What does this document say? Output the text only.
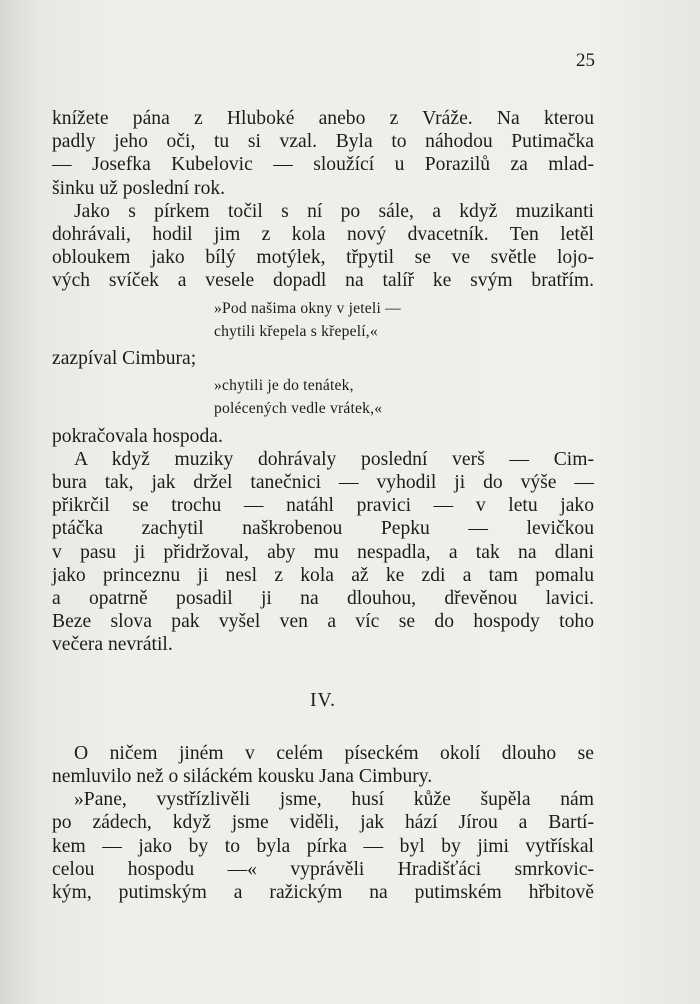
25

knížete pána z Hluboké anebo z Vráže. Na kterou

padly jeho oči, tu si vzal. Byla to náhodou Putimačka

— Josefka Kubelovic — sloužící u Porazilů za mlad-

šinku už poslední rok.

Jako s pírkem točil s ní po sále, a když muzikanti

dohrávali, hodil jim z kola nový dvacetník. Ten letěl

obloukem jako bílý motýlek, třpytil se ve světle lojo-

vých svíček a vesele dopadl na talíř ke svým bratřím.

»Pod našima okny v jeteli —
chytili křepela s křepelí,«

zazpíval Cimbura;

»chytili je do tenátek,
polécených vedle vrátek,«

pokračovala hospoda.

A když muziky dohrávaly poslední verš — Cim-

bura tak, jak držel tanečnici — vyhodil ji do výše —

přikrčil se trochu — natáhl pravici — v letu jako

ptáčka zachytil naškrobenou Pepku — levičkou

v pasu ji přidržoval, aby mu nespadla, a tak na dlani

jako princeznu ji nesl z kola až ke zdi a tam pomalu

a opatrně posadil ji na dlouhou, dřevěnou lavici.

Beze slova pak vyšel ven a víc se do hospody toho

večera nevrátil.

IV.

O ničem jiném v celém píseckém okolí dlouho se

nemluvilo než o siláckém kousku Jana Cimbury.

»Pane, vystřízlivěli jsme, husí kůže šupěla nám

po zádech, když jsme viděli, jak hází Jírou a Bartí-

kem — jako by to byla pírka — byl by jimi vytřískal

celou hospodu —« vyprávěli Hradišťáci smrkovic-

kým, putimským a ražickým na putimském hřbitově
